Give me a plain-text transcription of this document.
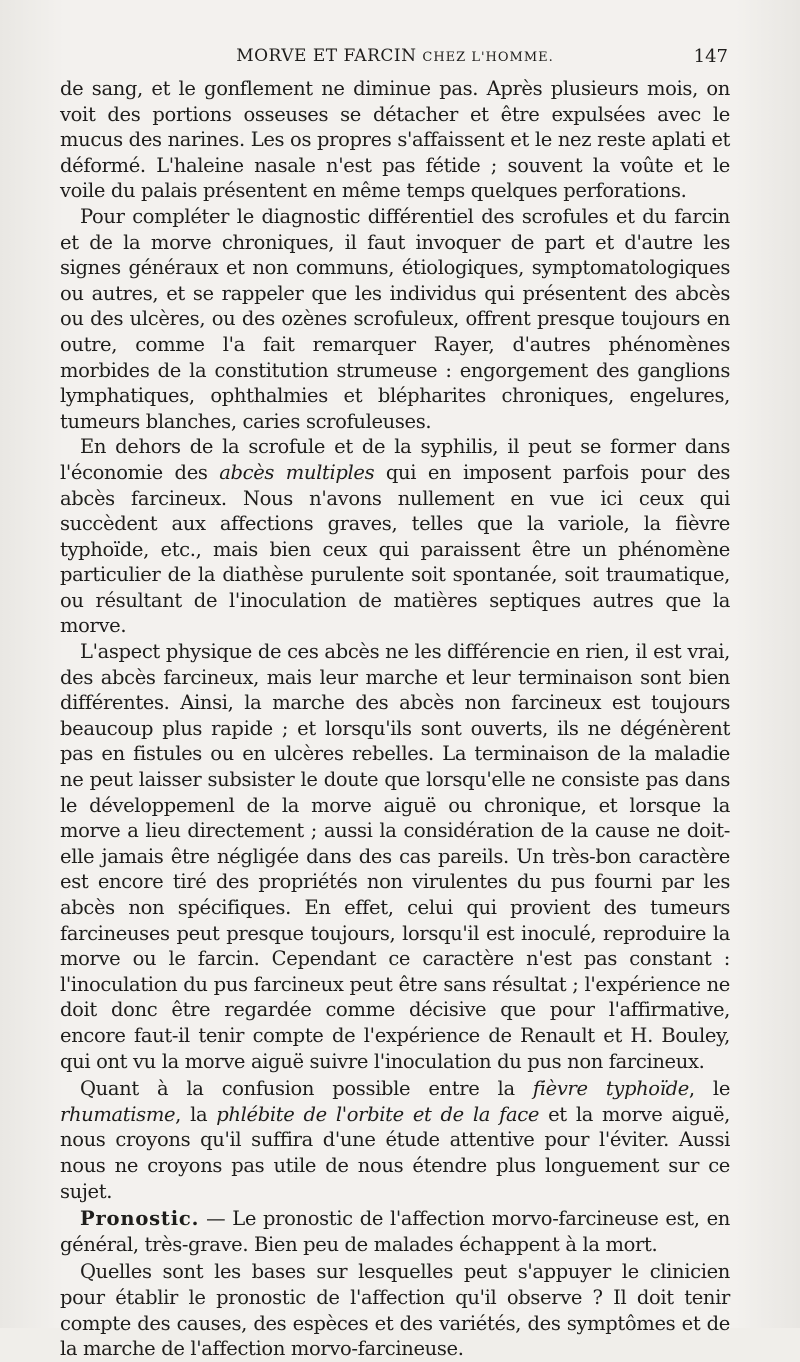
MORVE ET FARCIN CHEZ L'HOMME.	147

de sang, et le gonflement ne diminue pas. Après plusieurs mois, on voit des portions osseuses se détacher et être expulsées avec le mucus des narines. Les os propres s'affaissent et le nez reste aplati et déformé. L'haleine nasale n'est pas fétide ; souvent la voûte et le voile du palais présentent en même temps quelques perforations.

Pour compléter le diagnostic différentiel des scrofules et du farcin et de la morve chroniques, il faut invoquer de part et d'autre les signes généraux et non communs, étiologiques, symptomatologiques ou autres, et se rappeler que les individus qui présentent des abcès ou des ulcères, ou des ozènes scrofuleux, offrent presque toujours en outre, comme l'a fait remarquer Rayer, d'autres phénomènes morbides de la constitution strumeuse : engorgement des ganglions lymphatiques, ophthalmies et blépharites chroniques, engelures, tumeurs blanches, caries scrofuleuses.

En dehors de la scrofule et de la syphilis, il peut se former dans l'économie des abcès multiples qui en imposent parfois pour des abcès farcineux. Nous n'avons nullement en vue ici ceux qui succèdent aux affections graves, telles que la variole, la fièvre typhoïde, etc., mais bien ceux qui paraissent être un phénomène particulier de la diathèse purulente soit spontanée, soit traumatique, ou résultant de l'inoculation de matières septiques autres que la morve.

L'aspect physique de ces abcès ne les différencie en rien, il est vrai, des abcès farcineux, mais leur marche et leur terminaison sont bien différentes. Ainsi, la marche des abcès non farcineux est toujours beaucoup plus rapide ; et lorsqu'ils sont ouverts, ils ne dégénèrent pas en fistules ou en ulcères rebelles. La terminaison de la maladie ne peut laisser subsister le doute que lorsqu'elle ne consiste pas dans le développemenl de la morve aiguë ou chronique, et lorsque la morve a lieu directement ; aussi la considération de la cause ne doit-elle jamais être négligée dans des cas pareils. Un très-bon caractère est encore tiré des propriétés non virulentes du pus fourni par les abcès non spécifiques. En effet, celui qui provient des tumeurs farcineuses peut presque toujours, lorsqu'il est inoculé, reproduire la morve ou le farcin. Cependant ce caractère n'est pas constant : l'inoculation du pus farcineux peut être sans résultat ; l'expérience ne doit donc être regardée comme décisive que pour l'affirmative, encore faut-il tenir compte de l'expérience de Renault et H. Bouley, qui ont vu la morve aiguë suivre l'inoculation du pus non farcineux.

Quant à la confusion possible entre la fièvre typhoïde, le rhumatisme, la phlébite de l'orbite et de la face et la morve aiguë, nous croyons qu'il suffira d'une étude attentive pour l'éviter. Aussi nous ne croyons pas utile de nous étendre plus longuement sur ce sujet.

Pronostic. — Le pronostic de l'affection morvo-farcineuse est, en général, très-grave. Bien peu de malades échappent à la mort.

Quelles sont les bases sur lesquelles peut s'appuyer le clinicien pour établir le pronostic de l'affection qu'il observe ? Il doit tenir compte des causes, des espèces et des variétés, des symptômes et de la marche de l'affection morvo-farcineuse.
